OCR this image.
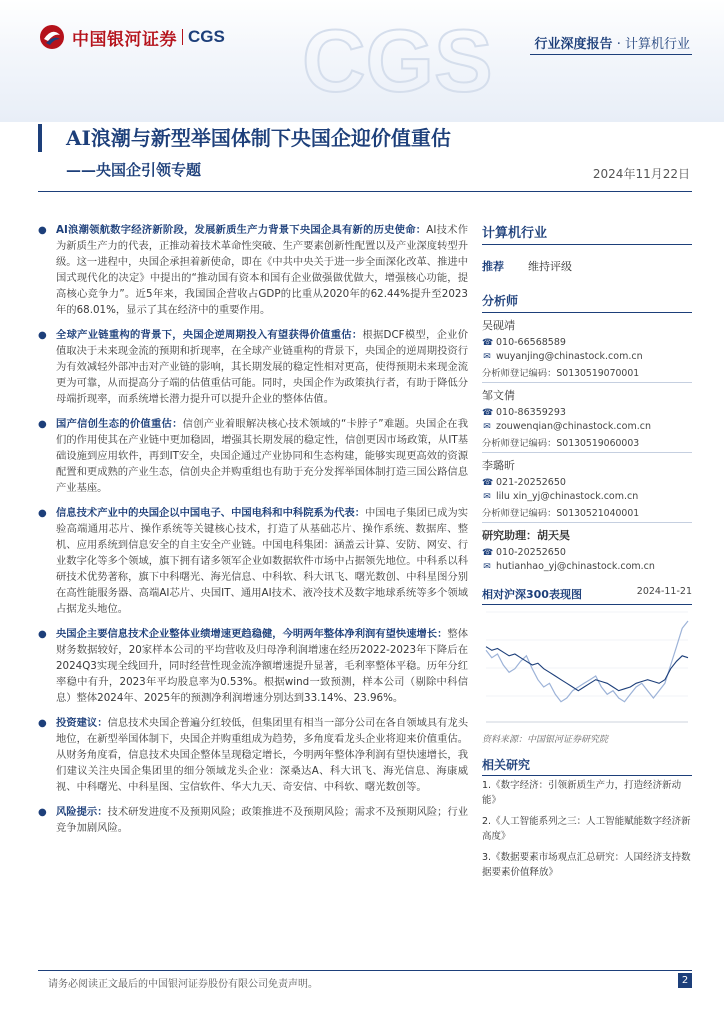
CGS
中国银河证券 CGS	行业深度报告 · 计算机行业
AI浪潮与新型举国体制下央国企迎价值重估
——央国企引领专题	2024年11月22日
● AI浪潮领航数字经济新阶段，发展新质生产力背景下央国企具有新的历史使命：AI技术作为新质生产力的代表，正推动着技术革命性突破、生产要素创新性配置以及产业深度转型升级。这一进程中，央国企承担着新使命，即在《中共中央关于进一步全面深化改革、推进中国式现代化的决定》中提出的“推动国有资本和国有企业做强做优做大，增强核心功能，提高核心竞争力”。近5年来，我国国企营收占GDP的比重从2020年的62.44%提升至2023年的68.01%，显示了其在经济中的重要作用。
● 全球产业链重构的背景下，央国企逆周期投入有望获得价值重估：根据DCF模型，企业价值取决于未来现金流的预期和折现率，在全球产业链重构的背景下，央国企的逆周期投资行为有效减轻外部冲击对产业链的影响，其长期发展的稳定性相对更高，使得预期未来现金流更为可靠，从而提高分子端的估值重估可能。同时，央国企作为政策执行者，有助于降低分母端折现率，而系统增长潜力提升可以提升企业的整体估值。
● 国产信创生态的价值重估：信创产业着眼解决核心技术领域的“卡脖子”难题。央国企在我们的作用使其在产业链中更加稳固，增强其长期发展的稳定性，信创更因市场政策，从IT基础设施到应用软件，再到IT安全，央国企通过产业协同和生态构建，能够实现更高效的资源配置和更成熟的产业生态，信创央企并购重组也有助于充分发挥举国体制打造三国公路信息产业基座。
● 信息技术产业中的央国企以中国电子、中国电科和中科院系为代表：中国电子集团已成为实验高端通用芯片、操作系统等关键核心技术，打造了从基础芯片、操作系统、数据库、整机、应用系统到信息安全的自主安全产业链。中国电科集团：涵盖云计算、安防、网安、行业数字化等多个领域，旗下拥有诸多领军企业如数据软件市场中占据领先地位。中科系以科研技术优势著称，旗下中科曙光、海光信息、中科软、科大讯飞、曙光数创、中科星图分别在高性能服务器、高端AI芯片、央国IT、通用AI技术、液冷技术及数字地球系统等多个领域占据龙头地位。
● 央国企主要信息技术企业整体业绩增速更趋稳健，今明两年整体净利润有望快速增长：整体财务数据较好，20家样本公司的平均营收及归母净利润增速在经历2022-2023年下降后在2024Q3实现全线回升，同时经营性现金流净额增速提升显著，毛利率整体平稳。历年分红率稳中有升，2023年平均股息率为0.53%。根据wind一致预测，样本公司（剔除中科信息）整体2024年、2025年的预测净利润增速分别达到33.14%、23.96%。
● 投资建议：信息技术央国企普遍分红较低，但集团里有相当一部分公司在各自领域具有龙头地位，在新型举国体制下，央国企并购重组成为趋势，多角度看龙头企业将迎来价值重估。从财务角度看，信息技术央国企整体呈现稳定增长，今明两年整体净利润有望快速增长，我们建议关注央国企集团里的细分领域龙头企业：深桑达A、科大讯飞、海光信息、海康威视、中科曙光、中科星图、宝信软件、华大九天、奇安信、中科软、曙光数创等。
● 风险提示：技术研发进度不及预期风险；政策推进不及预期风险；需求不及预期风险；行业竞争加剧风险。
计算机行业
推荐	维持评级
分析师
吴砚靖
☎ 010-66568589
✉ wuyanjing@chinastock.com.cn
分析师登记编码：S0130519070001
邹文倩
☎ 010-86359293
✉ zouwenqian@chinastock.com.cn
分析师登记编码：S0130519060003
李璐昕
☎ 021-20252650
✉ lilu xin_yj@chinastock.com.cn
分析师登记编码：S0130521040001
研究助理：胡天昊
☎ 010-20252650
✉ hutianhao_yj@chinastock.com.cn
相对沪深300表现图	2024-11-21
资料来源：中国银河证券研究院
相关研究
1.《数字经济：引领新质生产力，打造经济新动能》
2.《人工智能系列之三：人工智能赋能数字经济新高度》
3.《数据要素市场观点汇总研究：人国经济支持数据要素价值释放》
请务必阅读正文最后的中国银河证券股份有限公司免责声明。	2
